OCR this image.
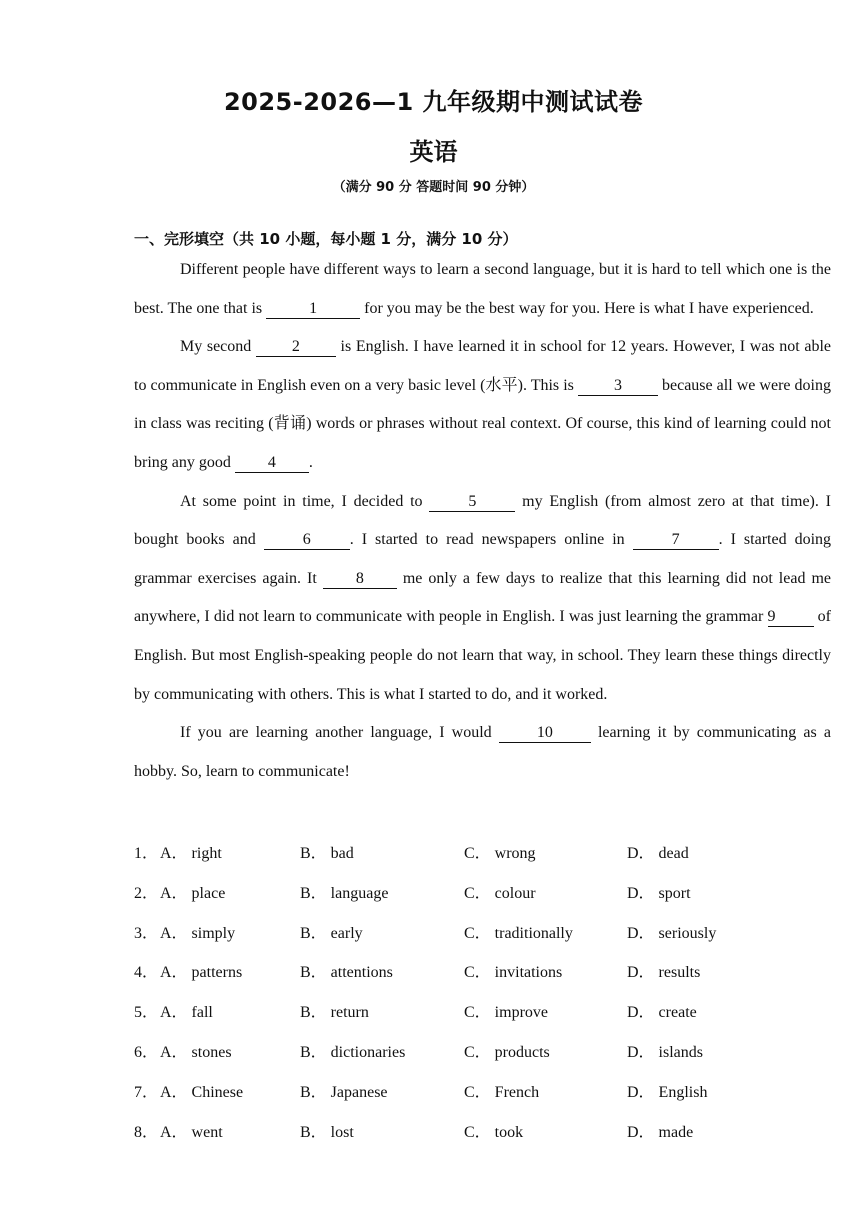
2025-2026—1 九年级期中测试试卷
英语
（满分 90 分 答题时间 90 分钟）
一、完形填空（共 10 小题，每小题 1 分，满分 10 分）

Different people have different ways to learn a second language, but it is hard to tell which one is the best. The one that is	1	for you may be the best way for you. Here is what I have experienced.

My second 2 is English. I have learned it in school for 12 years. However, I was not able to communicate in English even on a very basic level (水平). This is 3 because all we were doing in class was reciting (背诵) words or phrases without real context. Of course, this kind of learning could not bring any good 4 .

At some point in time, I decided to 5 my English (from almost zero at that time). I bought books and 6 . I started to read newspapers online in 7 . I started doing grammar exercises again. It 8 me only a few days to realize that this learning did not lead me anywhere, I did not learn to communicate with people in English. I was just learning the grammar 9 of English. But most English-speaking people do not learn that way, in school. They learn these things directly by communicating with others. This is what I started to do, and it worked.

If you are learning another language, I would 10 learning it by communicating as a hobby. So, learn to communicate!

1． A． right	B． bad	C． wrong	D． dead
2． A． place	B． language	C． colour	D． sport
3． A． simply	B． early	C． traditionally	D． seriously
4． A． patterns	B． attentions	C． invitations	D． results
5． A． fall	B． return	C． improve	D． create
6． A． stones	B． dictionaries	C． products	D． islands
7． A． Chinese	B． Japanese	C． French	D． English
8． A． went	B． lost	C． took	D． made
